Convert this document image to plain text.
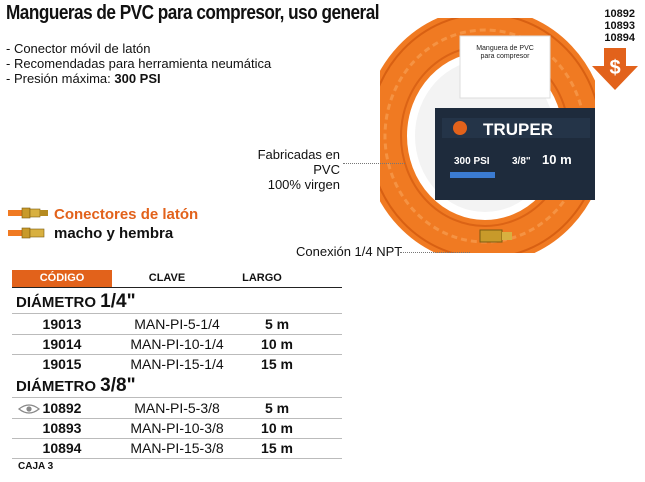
Mangueras de PVC para compresor, uso general	10892
10893
10894
$
- Conector móvil de latón
- Recomendadas para herramienta neumática
- Presión máxima: 300 PSI
Manguera de PVC
para compresor
TRUPER
300 PSI 3/8" 10 m
Fabricadas en PVC
100% virgen
Conexión 1/4 NPT
Conectores de latón
macho y hembra
CÓDIGO	CLAVE	LARGO
DIÁMETRO 1/4"
19013	MAN-PI-5-1/4	5 m
19014	MAN-PI-10-1/4	10 m
19015	MAN-PI-15-1/4	15 m
DIÁMETRO 3/8"
10892	MAN-PI-5-3/8	5 m
10893	MAN-PI-10-3/8	10 m
10894	MAN-PI-15-3/8	15 m
CAJA 3
